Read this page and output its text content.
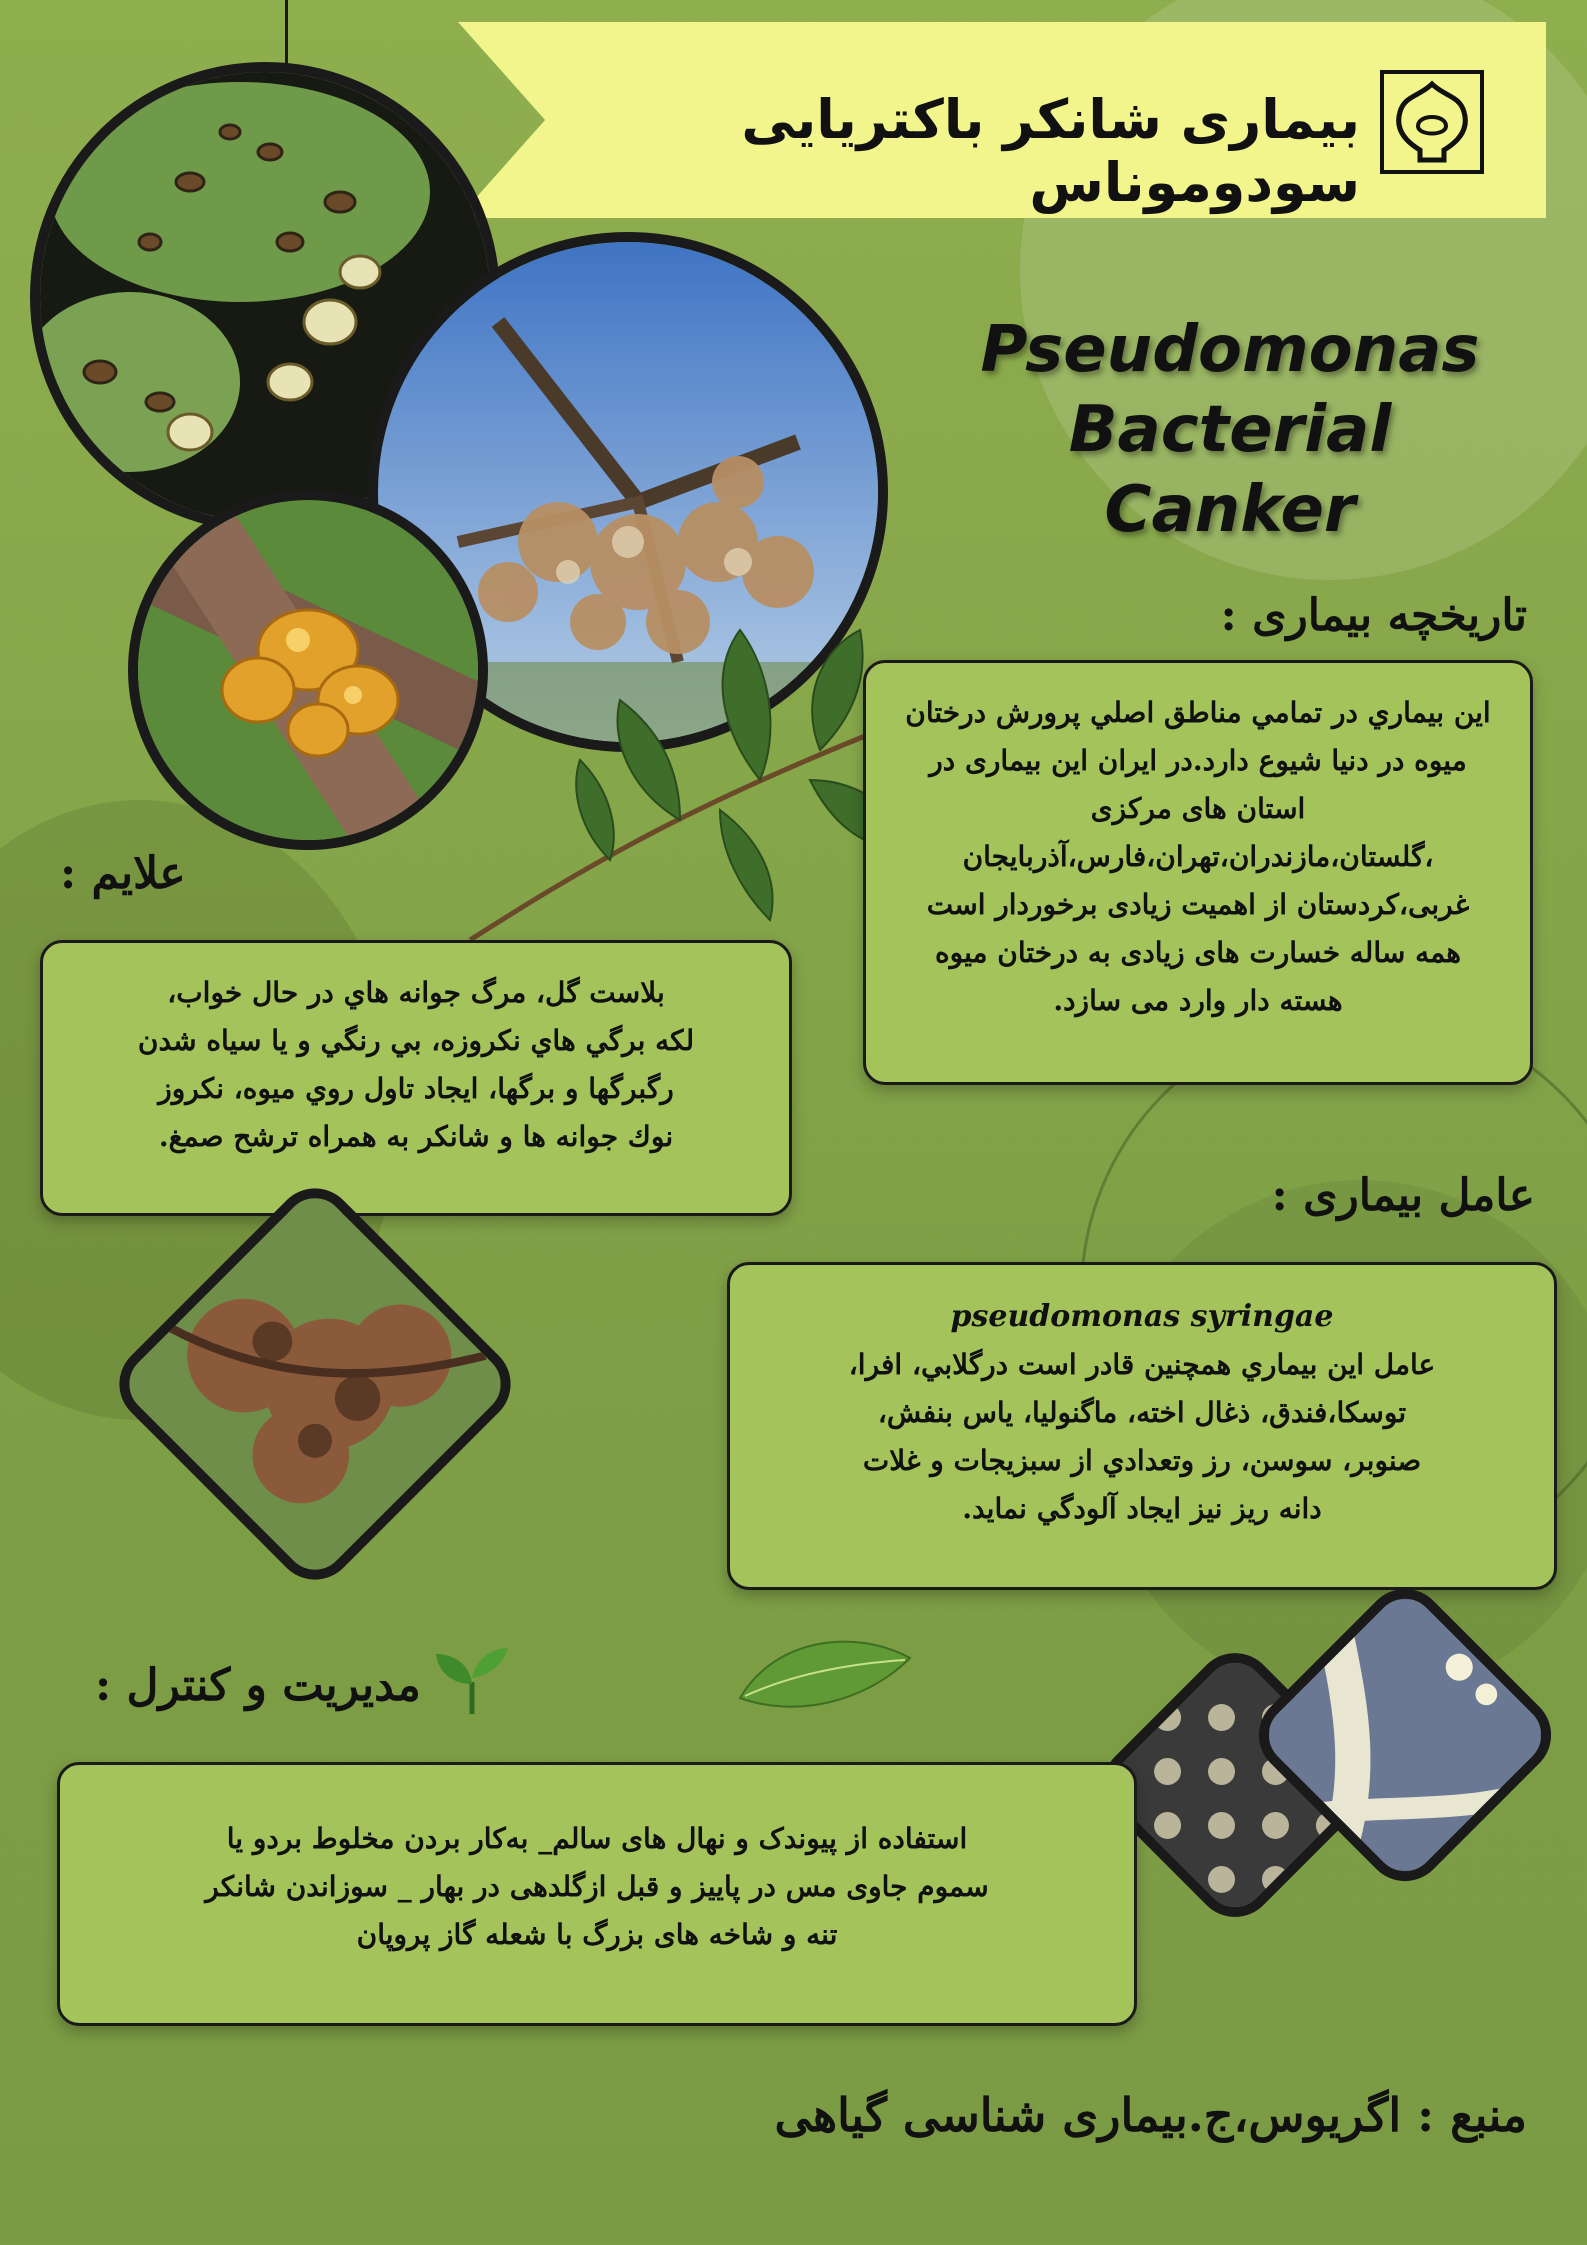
بیماری شانکر باکتریایی سودوموناس
Pseudomonas
Bacterial
Canker
تاریخچه بیماری :

اين بيماري در تمامي مناطق اصلي پرورش درختان

ميوه در دنيا شيوع دارد.در ایران این بیماری در

استان های مرکزی

،گلستان،مازندران،تهران،فارس،آذربایجان

غربی،کردستان از اهمیت زیادی برخوردار است

همه ساله خسارت های زیادی به درختان میوه

هسته دار وارد می سازد.

علایم :

بلاست گل، مرگ جوانه هاي در حال خواب،

لكه برگي هاي نكروزه، بي رنگي و يا سياه شدن

رگبرگها و برگها، ايجاد تاول روي ميوه، نكروز

نوك جوانه ها و شانكر به همراه ترشح صمغ.

عامل بیماری :

pseudomonas syringae

عامل اين بيماري همچنين قادر است درگلابي، افرا،

توسكا،فندق، ذغال اخته، ماگنوليا، ياس بنفش،

صنوبر، سوسن، رز وتعدادي از سبزيجات و غلات

دانه ريز نيز ايجاد آلودگي نمايد.

مدیریت و کنترل :

استفاده از پیوندک و نهال های سالم_ به‌کار بردن مخلوط بردو یا

سموم جاوی مس در پاییز و قبل ازگلدهی در بهار _ سوزاندن شانکر

تنه و شاخه های بزرگ با شعله گاز پروپان

منبع : اگریوس،ج.بیماری شناسی گیاهی
